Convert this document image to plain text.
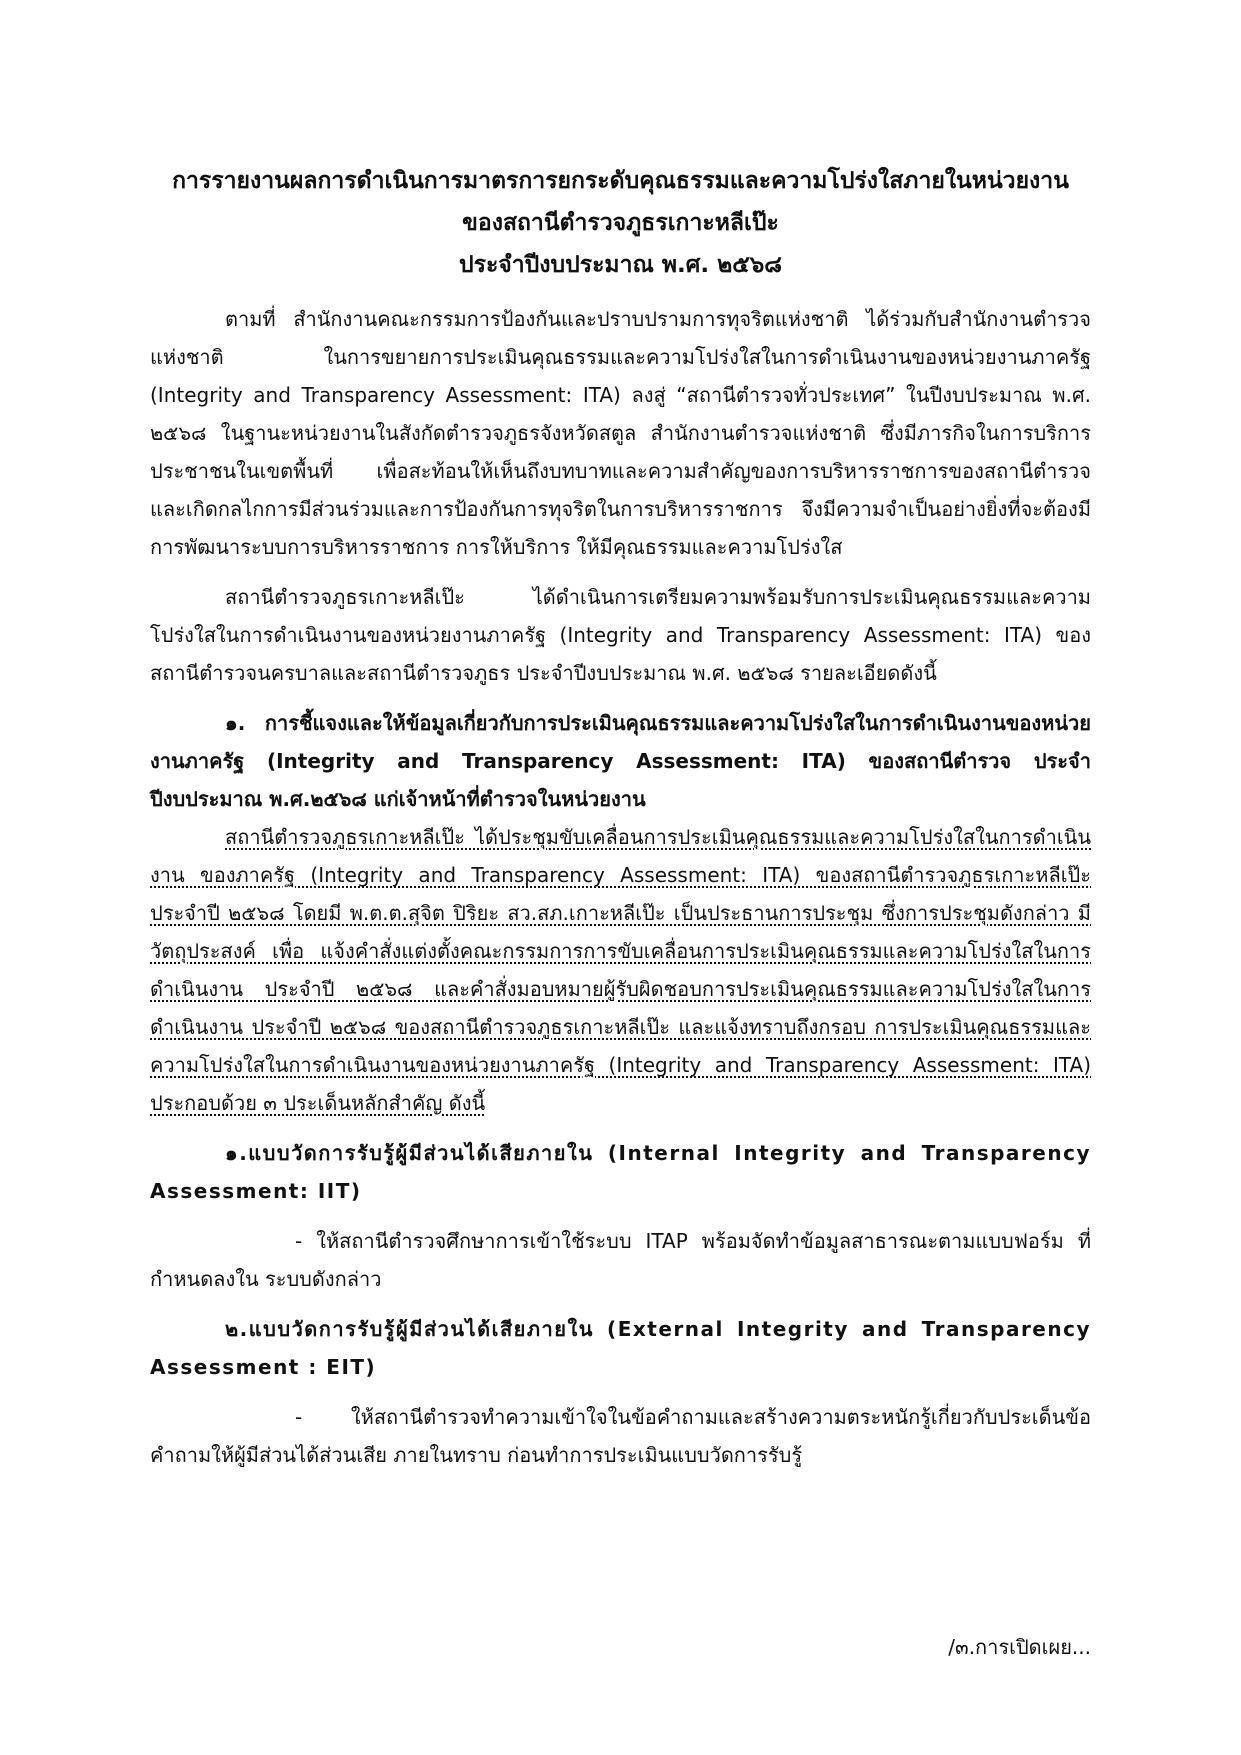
การรายงานผลการดำเนินการมาตรการยกระดับคุณธรรมและความโปร่งใสภายในหน่วยงาน
ของสถานีตำรวจภูธรเกาะหลีเป๊ะ
ประจำปีงบประมาณ พ.ศ. ๒๕๖๘

ตามที่ สำนักงานคณะกรรมการป้องกันและปราบปรามการทุจริตแห่งชาติ ได้ร่วมกับสำนักงานตำรวจแห่งชาติ ในการขยายการประเมินคุณธรรมและความโปร่งใสในการดำเนินงานของหน่วยงานภาครัฐ (Integrity and Transparency Assessment: ITA) ลงสู่ “สถานีตำรวจทั่วประเทศ” ในปีงบประมาณ พ.ศ. ๒๕๖๘ ในฐานะหน่วยงานในสังกัดตำรวจภูธรจังหวัดสตูล สำนักงานตำรวจแห่งชาติ ซึ่งมีภารกิจในการบริการประชาชนในเขตพื้นที่ เพื่อสะท้อนให้เห็นถึงบทบาทและความสำคัญของการบริหารราชการของสถานีตำรวจ และเกิดกลไกการมีส่วนร่วมและการป้องกันการทุจริตในการบริหารราชการ จึงมีความจำเป็นอย่างยิ่งที่จะต้องมีการพัฒนาระบบการบริหารราชการ การให้บริการ ให้มีคุณธรรมและความโปร่งใส

สถานีตำรวจภูธรเกาะหลีเป๊ะ ได้ดำเนินการเตรียมความพร้อมรับการประเมินคุณธรรมและความโปร่งใสในการดำเนินงานของหน่วยงานภาครัฐ (Integrity and Transparency Assessment: ITA) ของสถานีตำรวจนครบาลและสถานีตำรวจภูธร ประจำปีงบประมาณ พ.ศ. ๒๕๖๘ รายละเอียดดังนี้

๑. การชี้แจงและให้ข้อมูลเกี่ยวกับการประเมินคุณธรรมและความโปร่งใสในการดำเนินงานของหน่วยงานภาครัฐ (Integrity and Transparency Assessment: ITA) ของสถานีตำรวจ ประจำปีงบประมาณ พ.ศ.๒๕๖๘ แก่เจ้าหน้าที่ตำรวจในหน่วยงาน

สถานีตำรวจภูธรเกาะหลีเป๊ะ ได้ประชุมขับเคลื่อนการประเมินคุณธรรมและความโปร่งใสในการดำเนินงาน ของภาครัฐ (Integrity and Transparency Assessment: ITA) ของสถานีตำรวจภูธรเกาะหลีเป๊ะ ประจำปี ๒๕๖๘ โดยมี พ.ต.ต.สุจิต ปิริยะ สว.สภ.เกาะหลีเป๊ะ เป็นประธานการประชุม ซึ่งการประชุมดังกล่าว มีวัตถุประสงค์ เพื่อ แจ้งคำสั่งแต่งตั้งคณะกรรมการการขับเคลื่อนการประเมินคุณธรรมและความโปร่งใสในการดำเนินงาน ประจำปี ๒๕๖๘ และคำสั่งมอบหมายผู้รับผิดชอบการประเมินคุณธรรมและความโปร่งใสในการดำเนินงาน ประจำปี ๒๕๖๘ ของสถานีตำรวจภูธรเกาะหลีเป๊ะ และแจ้งทราบถึงกรอบ การประเมินคุณธรรมและความโปร่งใสในการดำเนินงานของหน่วยงานภาครัฐ (Integrity and Transparency Assessment: ITA) ประกอบด้วย ๓ ประเด็นหลักสำคัญ ดังนี้

๑.แบบวัดการรับรู้ผู้มีส่วนได้เสียภายใน (Internal Integrity and Transparency Assessment: IIT)

- ให้สถานีตำรวจศึกษาการเข้าใช้ระบบ ITAP พร้อมจัดทำข้อมูลสาธารณะตามแบบฟอร์ม ที่กำหนดลงใน ระบบดังกล่าว

๒.แบบวัดการรับรู้ผู้มีส่วนได้เสียภายใน (External Integrity and Transparency Assessment : EIT)

- ให้สถานีตำรวจทำความเข้าใจในข้อคำถามและสร้างความตระหนักรู้เกี่ยวกับประเด็นข้อคำถามให้ผู้มีส่วนได้ส่วนเสีย ภายในทราบ ก่อนทำการประเมินแบบวัดการรับรู้

/๓.การเปิดเผย...
